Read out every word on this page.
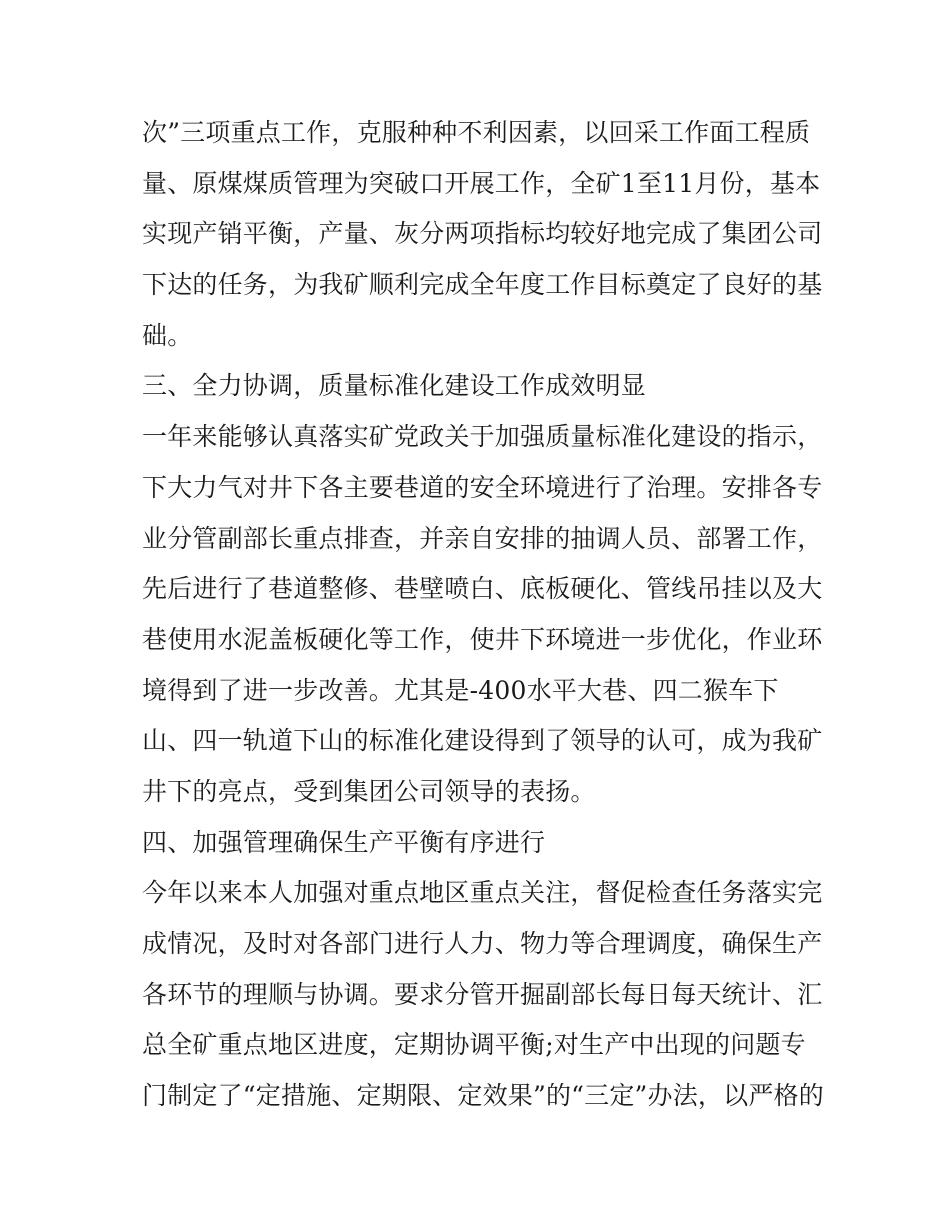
次”三项重点工作，克服种种不利因素，以回采工作面工程质
量、原煤煤质管理为突破口开展工作，全矿1至11月份，基本
实现产销平衡，产量、灰分两项指标均较好地完成了集团公司
下达的任务，为我矿顺利完成全年度工作目标奠定了良好的基
础。
三、全力协调，质量标准化建设工作成效明显
一年来能够认真落实矿党政关于加强质量标准化建设的指示，
下大力气对井下各主要巷道的安全环境进行了治理。安排各专
业分管副部长重点排查，并亲自安排的抽调人员、部署工作，
先后进行了巷道整修、巷壁喷白、底板硬化、管线吊挂以及大
巷使用水泥盖板硬化等工作，使井下环境进一步优化，作业环
境得到了进一步改善。尤其是-400水平大巷、四二猴车下
山、四一轨道下山的标准化建设得到了领导的认可，成为我矿
井下的亮点，受到集团公司领导的表扬。
四、加强管理确保生产平衡有序进行
今年以来本人加强对重点地区重点关注，督促检查任务落实完
成情况，及时对各部门进行人力、物力等合理调度，确保生产
各环节的理顺与协调。要求分管开掘副部长每日每天统计、汇
总全矿重点地区进度，定期协调平衡;对生产中出现的问题专
门制定了“定措施、定期限、定效果”的“三定”办法，以严格的
